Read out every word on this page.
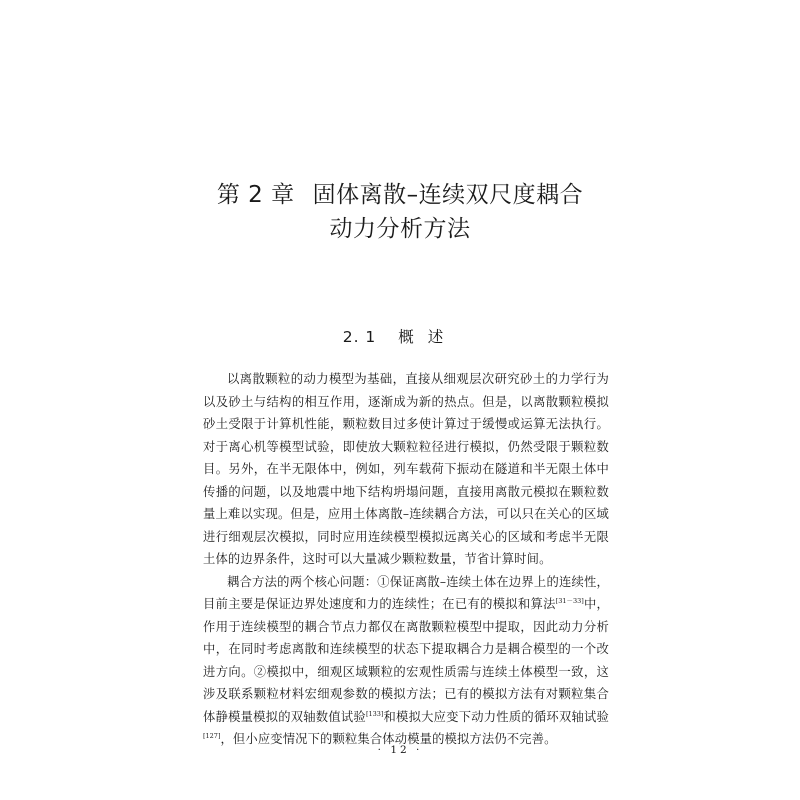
第 2 章 固体离散–连续双尺度耦合
动力分析方法
2. 1 概述

以离散颗粒的动力模型为基础，直接从细观层次研究砂土的力学行为以及砂土与结构的相互作用，逐渐成为新的热点。但是，以离散颗粒模拟砂土受限于计算机性能，颗粒数目过多使计算过于缓慢或运算无法执行。对于离心机等模型试验，即使放大颗粒粒径进行模拟，仍然受限于颗粒数目。另外，在半无限体中，例如，列车载荷下振动在隧道和半无限土体中传播的问题，以及地震中地下结构坍塌问题，直接用离散元模拟在颗粒数量上难以实现。但是，应用土体离散–连续耦合方法，可以只在关心的区域进行细观层次模拟，同时应用连续模型模拟远离关心的区域和考虑半无限土体的边界条件，这时可以大量减少颗粒数量，节省计算时间。

耦合方法的两个核心问题：①保证离散–连续土体在边界上的连续性，目前主要是保证边界处速度和力的连续性；在已有的模拟和算法[31－33]中，作用于连续模型的耦合节点力都仅在离散颗粒模型中提取，因此动力分析中，在同时考虑离散和连续模型的状态下提取耦合力是耦合模型的一个改进方向。②模拟中，细观区域颗粒的宏观性质需与连续土体模型一致，这涉及联系颗粒材料宏细观参数的模拟方法；已有的模拟方法有对颗粒集合体静模量模拟的双轴数值试验[133]和模拟大应变下动力性质的循环双轴试验[127]，但小应变情况下的颗粒集合体动模量的模拟方法仍不完善。

· 12 ·
